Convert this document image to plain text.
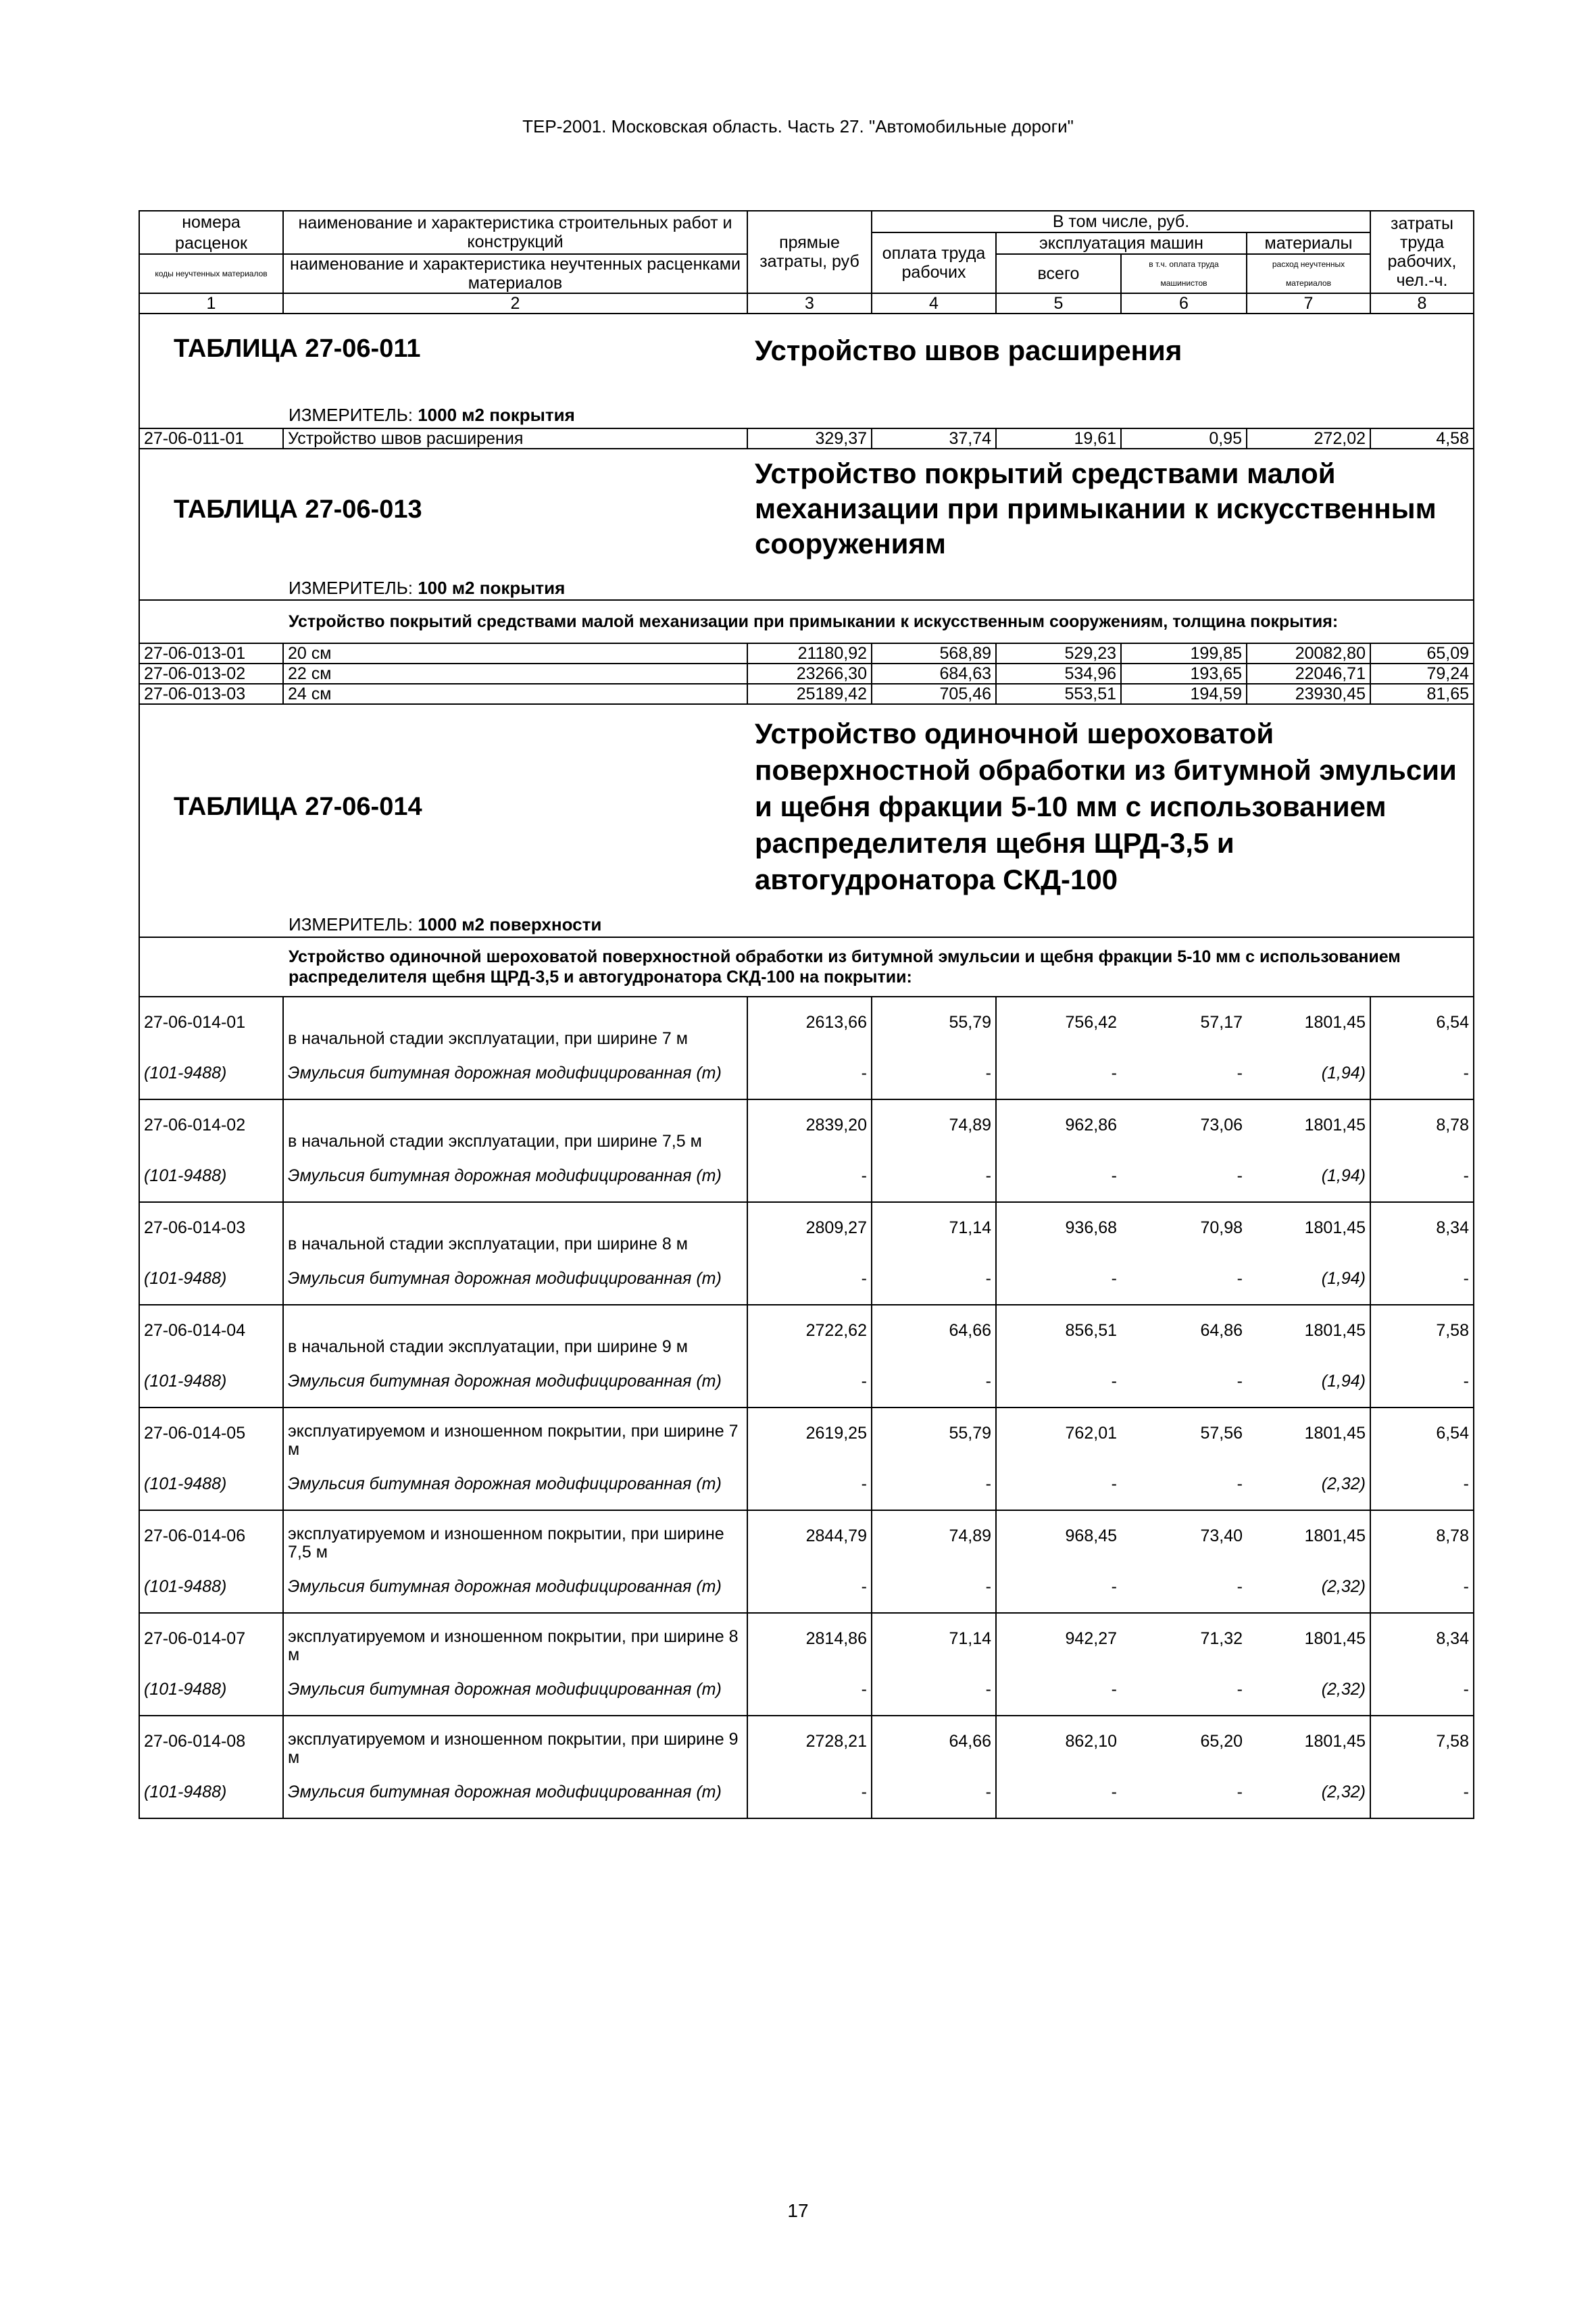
ТЕР-2001. Московская область. Часть 27. "Автомобильные дороги"
номера	наименование и характеристика строительных работ и конструкций	прямые затраты, руб	В том числе, руб.				затраты труда рабочих, чел.-ч.	
расценок			оплата труда рабочих	эксплуатация машин		материалы		
коды неучтенных материалов	наименование и характеристика неучтенных расценками материалов			всего	в т.ч. оплата труда машинистов	расход неучтенных материалов		

1	2	3	4	5	6	7	8	

ТАБЛИЦА 27-06-011 Устройство швов расширения
ИЗМЕРИТЕЛЬ: 1000 м2 покрытия								

27-06-011-01	Устройство швов расширения	329,37	37,74	19,61	0,95	272,02	4,58	

ТАБЛИЦА 27-06-013
Устройство покрытий средствами малой механизации при примыкании к искусственным сооружениям
ИЗМЕРИТЕЛЬ: 100 м2 покрытия								

Устройство покрытий средствами малой механизации при примыкании к искусственным сооружениям, толщина покрытия:								
27-06-013-01	20 см	21180,92	568,89	529,23	199,85	20082,80	65,09	
27-06-013-02	22 см	23266,30	684,63	534,96	193,65	22046,71	79,24	
27-06-013-03	24 см	25189,42	705,46	553,51	194,59	23930,45	81,65	

ТАБЛИЦА 27-06-014
Устройство одиночной шероховатой поверхностной обработки из битумной эмульсии и щебня фракции 5-10 мм с использованием распределителя щебня ЩРД-3,5 и автогудронатора СКД-100
ИЗМЕРИТЕЛЬ: 1000 м2 поверхности								

Устройство одиночной шероховатой поверхностной обработки из битумной эмульсии и щебня фракции 5-10 мм с использованием распределителя щебня ЩРД-3,5 и автогудронатора СКД-100 на покрытии:								
27-06-014-01	в начальной стадии эксплуатации, при ширине 7 м	2613,66	55,79	756,42	57,17	1801,45	6,54	
(101-9488)	Эмульсия битумная дорожная модифицированная (т)	-	-	-	-	(1,94)	-	
27-06-014-02	в начальной стадии эксплуатации, при ширине 7,5 м	2839,20	74,89	962,86	73,06	1801,45	8,78	
(101-9488)	Эмульсия битумная дорожная модифицированная (т)	-	-	-	-	(1,94)	-	
27-06-014-03	в начальной стадии эксплуатации, при ширине 8 м	2809,27	71,14	936,68	70,98	1801,45	8,34	
(101-9488)	Эмульсия битумная дорожная модифицированная (т)	-	-	-	-	(1,94)	-	
27-06-014-04	в начальной стадии эксплуатации, при ширине 9 м	2722,62	64,66	856,51	64,86	1801,45	7,58	
(101-9488)	Эмульсия битумная дорожная модифицированная (т)	-	-	-	-	(1,94)	-	
27-06-014-05	эксплуатируемом и изношенном покрытии, при ширине 7 м	2619,25	55,79	762,01	57,56	1801,45	6,54	
(101-9488)	Эмульсия битумная дорожная модифицированная (т)	-	-	-	-	(2,32)	-	
27-06-014-06	эксплуатируемом и изношенном покрытии, при ширине 7,5 м	2844,79	74,89	968,45	73,40	1801,45	8,78	
(101-9488)	Эмульсия битумная дорожная модифицированная (т)	-	-	-	-	(2,32)	-	
27-06-014-07	эксплуатируемом и изношенном покрытии, при ширине 8 м	2814,86	71,14	942,27	71,32	1801,45	8,34	
(101-9488)	Эмульсия битумная дорожная модифицированная (т)	-	-	-	-	(2,32)	-	
27-06-014-08	эксплуатируемом и изношенном покрытии, при ширине 9 м	2728,21	64,66	862,10	65,20	1801,45	7,58	
(101-9488)	Эмульсия битумная дорожная модифицированная (т)	-	-	-	-	(2,32)	-	
17
